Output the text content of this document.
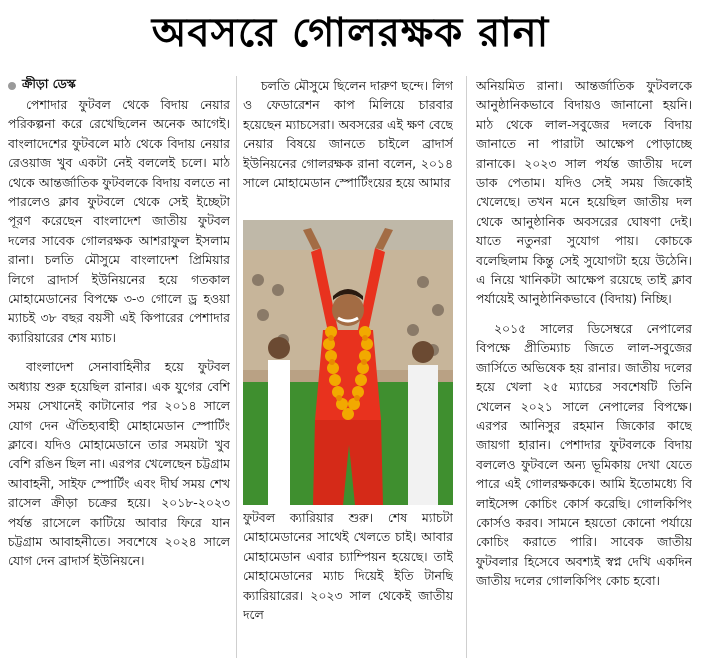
অবসরে গোলরক্ষক রানা
ক্রীড়া ডেস্ক

পেশাদার ফুটবল থেকে বিদায় নেয়ার পরিকল্পনা করে রেখেছিলেন অনেক আগেই। বাংলাদেশের ফুটবলে মাঠ থেকে বিদায় নেয়ার রেওয়াজ খুব একটা নেই বললেই চলে। মাঠ থেকে আন্তর্জাতিক ফুটবলকে বিদায় বলতে না পারলেও ক্লাব ফুটবলে থেকে সেই ইচ্ছেটা পূরণ করেছেন বাংলাদেশ জাতীয় ফুটবল দলের সাবেক গোলরক্ষক আশরাফুল ইসলাম রানা। চলতি মৌসুমে বাংলাদেশ প্রিমিয়ার লিগে ব্রাদার্স ইউনিয়নের হয়ে গতকাল মোহামেডানের বিপক্ষে ৩-৩ গোলে ড্র হওয়া ম্যাচই ৩৮ বছর বয়সী এই কিপারের পেশাদার ক্যারিয়ারের শেষ ম্যাচ।

বাংলাদেশ সেনাবাহিনীর হয়ে ফুটবল অধ্যায় শুরু হয়েছিল রানার। এক যুগের বেশি সময় সেখানেই কাটানোর পর ২০১৪ সালে যোগ দেন ঐতিহ্যবাহী মোহামেডান স্পোর্টিং ক্লাবে। যদিও মোহামেডানে তার সময়টা খুব বেশি রঙিন ছিল না। এরপর খেলেছেন চট্টগ্রাম আবাহনী, সাইফ স্পোর্টিং এবং দীর্ঘ সময় শেখ রাসেল ক্রীড়া চক্রের হয়ে। ২০১৮-২০২৩ পর্যন্ত রাসেলে কাটিয়ে আবার ফিরে যান চট্টগ্রাম আবাহনীতে। সবশেষে ২০২৪ সালে যোগ দেন ব্রাদার্স ইউনিয়নে।

চলতি মৌসুমে ছিলেন দারুণ ছন্দে। লিগ ও ফেডারেশন কাপ মিলিয়ে চারবার হয়েছেন ম্যাচসেরা। অবসরের এই ক্ষণ বেছে নেয়ার বিষয়ে জানতে চাইলে ব্রাদার্স ইউনিয়নের গোলরক্ষক রানা বলেন, ২০১৪ সালে মোহামেডান স্পোর্টিংয়ের হয়ে আমার

ফুটবল ক্যারিয়ার শুরু। শেষ ম্যাচটা মোহামেডানের সাথেই খেলতে চাই। আবার মোহামেডান এবার চ্যাম্পিয়ন হয়েছে। তাই মোহামেডানের ম্যাচ দিয়েই ইতি টানছি ক্যারিয়ারের। ২০২৩ সাল থেকেই জাতীয় দলে

অনিয়মিত রানা। আন্তর্জাতিক ফুটবলকে আনুষ্ঠানিকভাবে বিদায়ও জানানো হয়নি। মাঠ থেকে লাল-সবুজের দলকে বিদায় জানাতে না পারাটা আক্ষেপ পোড়াচ্ছে রানাকে। ২০২৩ সাল পর্যন্ত জাতীয় দলে ডাক পেতাম। যদিও সেই সময় জিকোই খেলেছে। তখন মনে হয়েছিল জাতীয় দল থেকে আনুষ্ঠানিক অবসরের ঘোষণা দেই। যাতে নতুনরা সুযোগ পায়। কোচকে বলেছিলাম কিন্তু সেই সুযোগটা হয়ে উঠেনি। এ নিয়ে খানিকটা আক্ষেপ রয়েছে তাই ক্লাব পর্যায়েই আনুষ্ঠানিকভাবে (বিদায়) নিচ্ছি।

২০১৫ সালের ডিসেম্বরে নেপালের বিপক্ষে প্রীতিম্যাচ জিতে লাল-সবুজের জার্সিতে অভিষেক হয় রানার। জাতীয় দলের হয়ে খেলা ২৫ ম্যাচের সবশেষটি তিনি খেলেন ২০২১ সালে নেপালের বিপক্ষে। এরপর আনিসুর রহমান জিকোর কাছে জায়গা হারান। পেশাদার ফুটবলকে বিদায় বললেও ফুটবলে অন্য ভূমিকায় দেখা যেতে পারে এই গোলরক্ষককে। আমি ইতোমধ্যে বি লাইসেন্স কোচিং কোর্স করেছি। গোলকিপিং কোর্সও করব। সামনে হয়তো কোনো পর্যায়ে কোচিং করাতে পারি। সাবেক জাতীয় ফুটবলার হিসেবে অবশ্যই স্বপ্ন দেখি একদিন জাতীয় দলের গোলকিপিং কোচ হবো।
